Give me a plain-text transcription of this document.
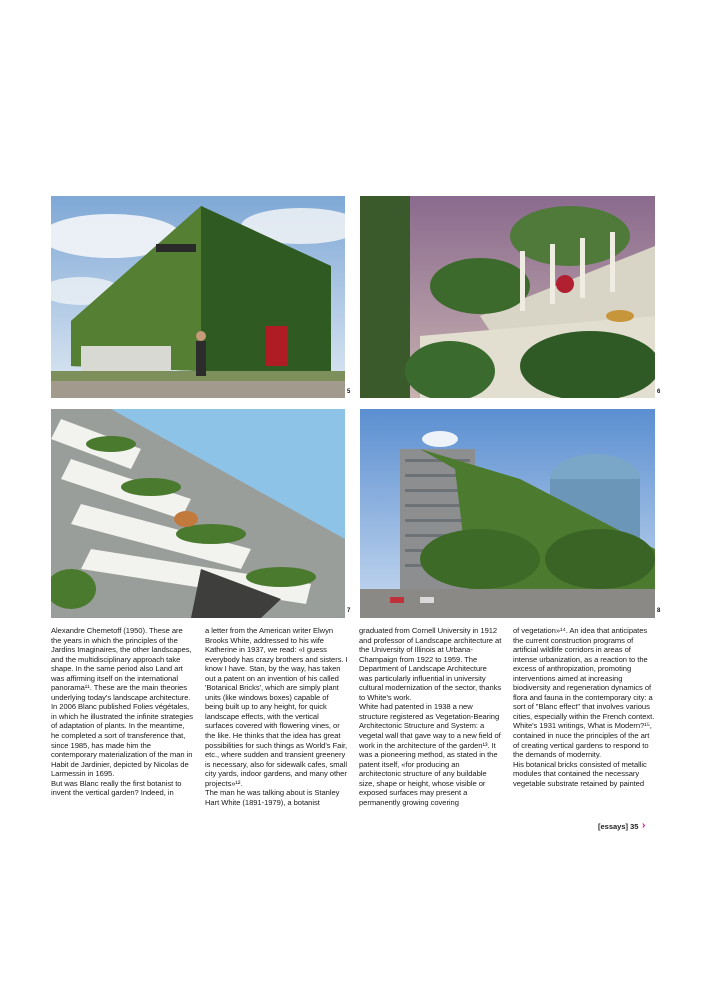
5	6
7	8

Alexandre Chemetoff (1950). These are the years in which the principles of the Jardins Imaginaires, the other landscapes, and the multidisciplinary approach take shape. In the same period also Land art was affirming itself on the international panorama¹¹. These are the main theories underlying today's landscape architecture.

In 2006 Blanc published Folies végétales, in which he illustrated the infinite strategies of adaptation of plants. In the meantime, he completed a sort of transference that, since 1985, has made him the contemporary materialization of the man in Habit de Jardinier, depicted by Nicolas de Larmessin in 1695.

But was Blanc really the first botanist to invent the vertical garden? Indeed, in

a letter from the American writer Elwyn Brooks White, addressed to his wife Katherine in 1937, we read: «I guess everybody has crazy brothers and sisters. I know I have. Stan, by the way, has taken out a patent on an invention of his called 'Botanical Bricks', which are simply plant units (like windows boxes) capable of being built up to any height, for quick landscape effects, with the vertical surfaces covered with flowering vines, or the like. He thinks that the idea has great possibilities for such things as World's Fair, etc., where sudden and transient greenery is necessary, also for sidewalk cafes, small city yards, indoor gardens, and many other projects»¹².

The man he was talking about is Stanley Hart White (1891-1979), a botanist

graduated from Cornell University in 1912 and professor of Landscape architecture at the University of Illinois at Urbana-Champaign from 1922 to 1959. The Department of Landscape Architecture was particularly influential in university cultural modernization of the sector, thanks to White's work.

White had patented in 1938 a new structure registered as Vegetation-Bearing Architectonic Structure and System: a vegetal wall that gave way to a new field of work in the architecture of the garden¹³. It was a pioneering method, as stated in the patent itself, «for producing an architectonic structure of any buildable size, shape or height, whose visible or exposed surfaces may present a permanently growing covering

of vegetation»¹⁴. An idea that anticipates the current construction programs of artificial wildlife corridors in areas of intense urbanization, as a reaction to the excess of anthropization, promoting interventions aimed at increasing biodiversity and regeneration dynamics of flora and fauna in the contemporary city: a sort of "Blanc effect" that involves various cities, especially within the French context.

White's 1931 writings, What is Modern?¹⁵, contained in nuce the principles of the art of creating vertical gardens to respond to the demands of modernity.

His botanical bricks consisted of metallic modules that contained the necessary vegetable substrate retained by painted

[essays] 35 ›
